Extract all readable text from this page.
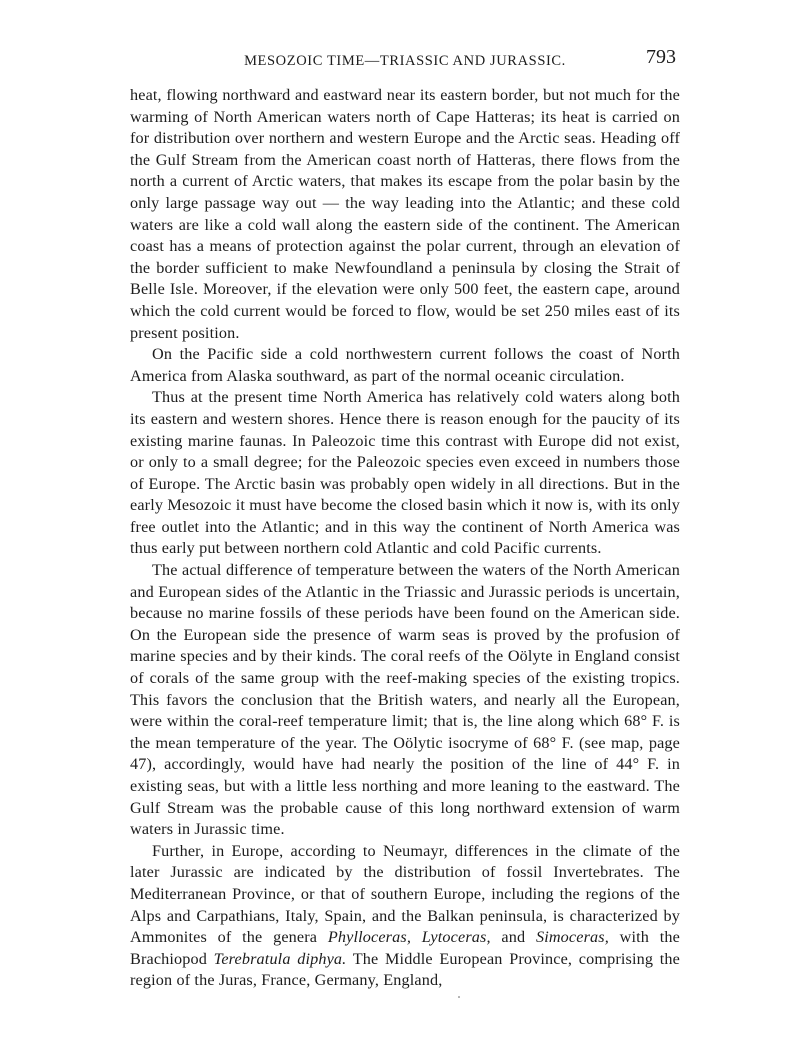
MESOZOIC TIME—TRIASSIC AND JURASSIC.	793

heat, flowing northward and eastward near its eastern border, but not much for the warming of North American waters north of Cape Hatteras; its heat is carried on for distribution over northern and western Europe and the Arctic seas. Heading off the Gulf Stream from the American coast north of Hatteras, there flows from the north a current of Arctic waters, that makes its escape from the polar basin by the only large passage way out — the way leading into the Atlantic; and these cold waters are like a cold wall along the eastern side of the continent. The American coast has a means of protection against the polar current, through an elevation of the border sufficient to make Newfoundland a peninsula by closing the Strait of Belle Isle. Moreover, if the elevation were only 500 feet, the eastern cape, around which the cold current would be forced to flow, would be set 250 miles east of its present position.

On the Pacific side a cold northwestern current follows the coast of North America from Alaska southward, as part of the normal oceanic circulation.

Thus at the present time North America has relatively cold waters along both its eastern and western shores. Hence there is reason enough for the paucity of its existing marine faunas. In Paleozoic time this contrast with Europe did not exist, or only to a small degree; for the Paleozoic species even exceed in numbers those of Europe. The Arctic basin was probably open widely in all directions. But in the early Mesozoic it must have become the closed basin which it now is, with its only free outlet into the Atlantic; and in this way the continent of North America was thus early put between northern cold Atlantic and cold Pacific currents.

The actual difference of temperature between the waters of the North American and European sides of the Atlantic in the Triassic and Jurassic periods is uncertain, because no marine fossils of these periods have been found on the American side. On the European side the presence of warm seas is proved by the profusion of marine species and by their kinds. The coral reefs of the Oölyte in England consist of corals of the same group with the reef-making species of the existing tropics. This favors the conclusion that the British waters, and nearly all the European, were within the coral-reef temperature limit; that is, the line along which 68° F. is the mean temperature of the year. The Oölytic isocryme of 68° F. (see map, page 47), accordingly, would have had nearly the position of the line of 44° F. in existing seas, but with a little less northing and more leaning to the eastward. The Gulf Stream was the probable cause of this long northward extension of warm waters in Jurassic time.

Further, in Europe, according to Neumayr, differences in the climate of the later Jurassic are indicated by the distribution of fossil Invertebrates. The Mediterranean Province, or that of southern Europe, including the regions of the Alps and Carpathians, Italy, Spain, and the Balkan peninsula, is characterized by Ammonites of the genera Phylloceras, Lytoceras, and Simoceras, with the Brachiopod Terebratula diphya. The Middle European Province, comprising the region of the Juras, France, Germany, England,
